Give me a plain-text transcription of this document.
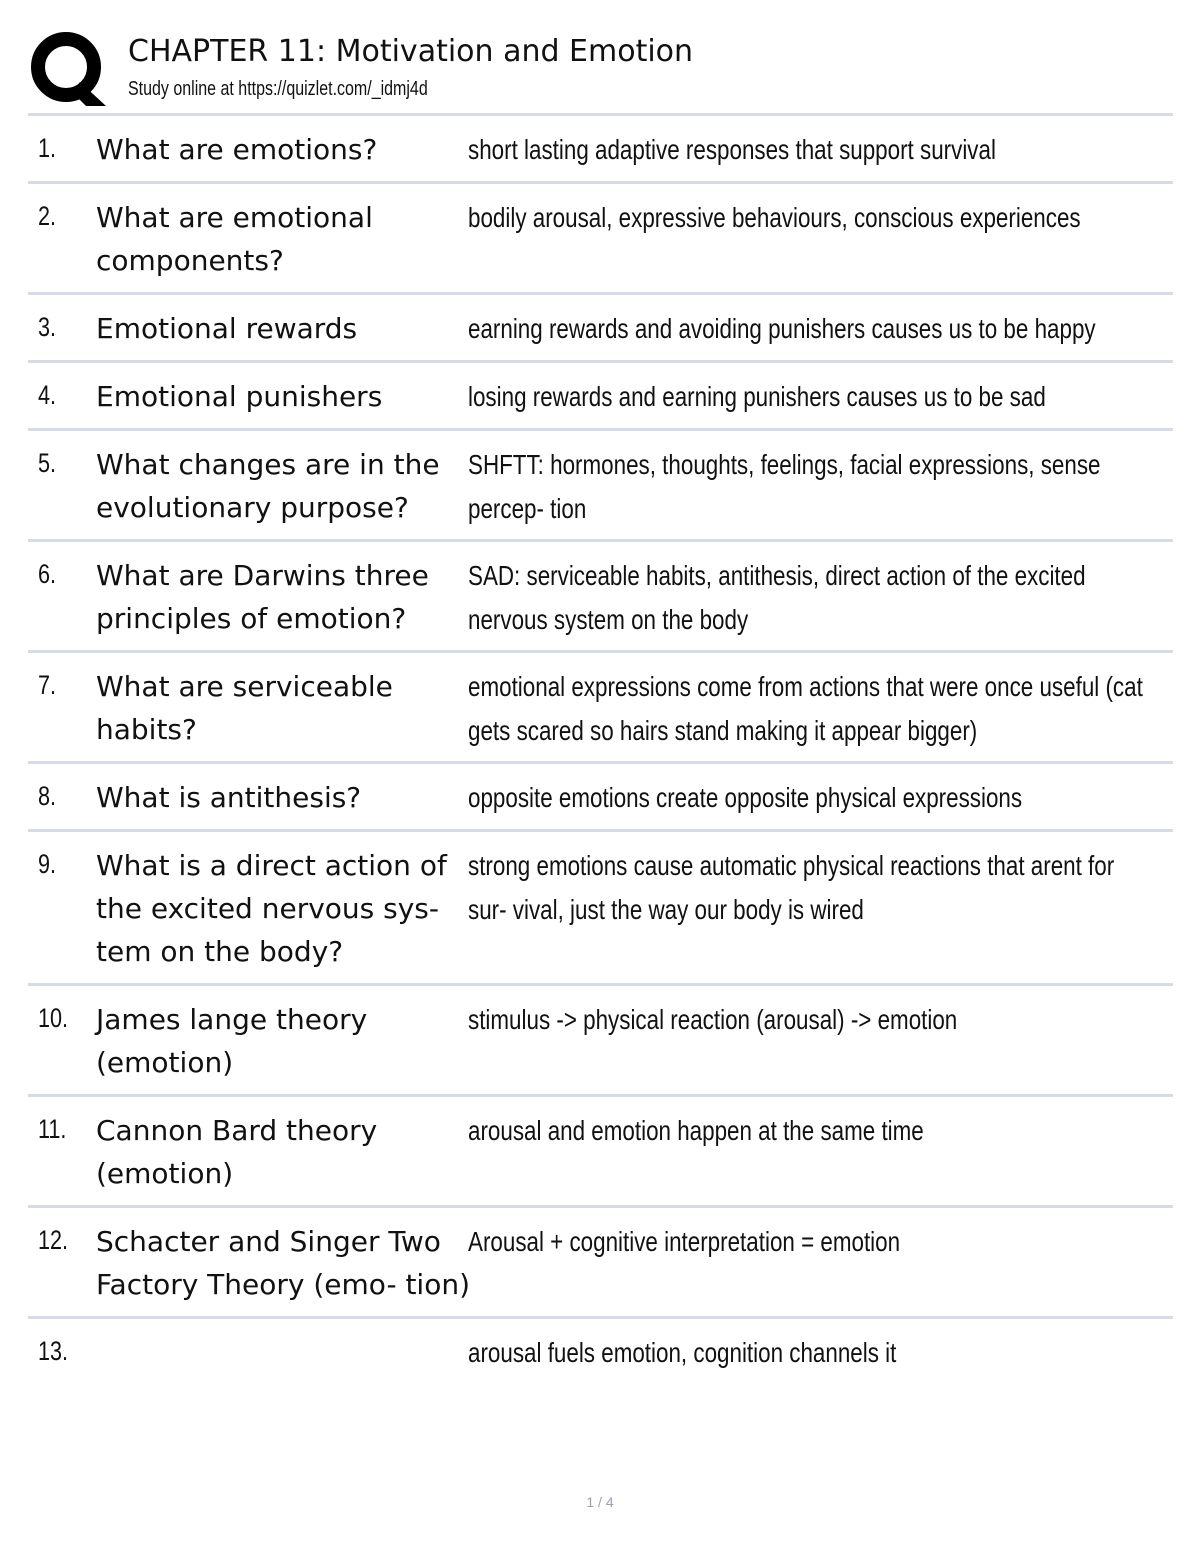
CHAPTER 11: Motivation and Emotion
Study online at https://quizlet.com/_idmj4d
1. What are emotions?	short lasting adaptive responses that support survival
2. What are emotional components?
bodily arousal, expressive behaviours, conscious experiences
3. Emotional rewards	earning rewards and avoiding punishers causes us to be happy
4. Emotional punishers	losing rewards and earning punishers causes us to be sad
5. What changes are in the evolutionary purpose?
SHFTT: hormones, thoughts, feelings, facial expressions, sense percep- tion
6. What are Darwins three principles of emotion?
SAD: serviceable habits, antithesis, direct action of the excited nervous system on the body
7. What are serviceable habits?
emotional expressions come from actions that were once useful (cat gets scared so hairs stand making it appear bigger)
8. What is antithesis?	opposite emotions create opposite physical expressions
9. What is a direct action of the excited nervous sys- tem on the body?
strong emotions cause automatic physical reactions that arent for sur- vival, just the way our body is wired
10. James lange theory (emotion)
stimulus -> physical reaction (arousal) -> emotion
11. Cannon Bard theory (emotion)
arousal and emotion happen at the same time
12. Schacter and Singer Two Factory Theory (emo- tion)
Arousal + cognitive interpretation = emotion
13.	arousal fuels emotion, cognition channels it
1 / 4
